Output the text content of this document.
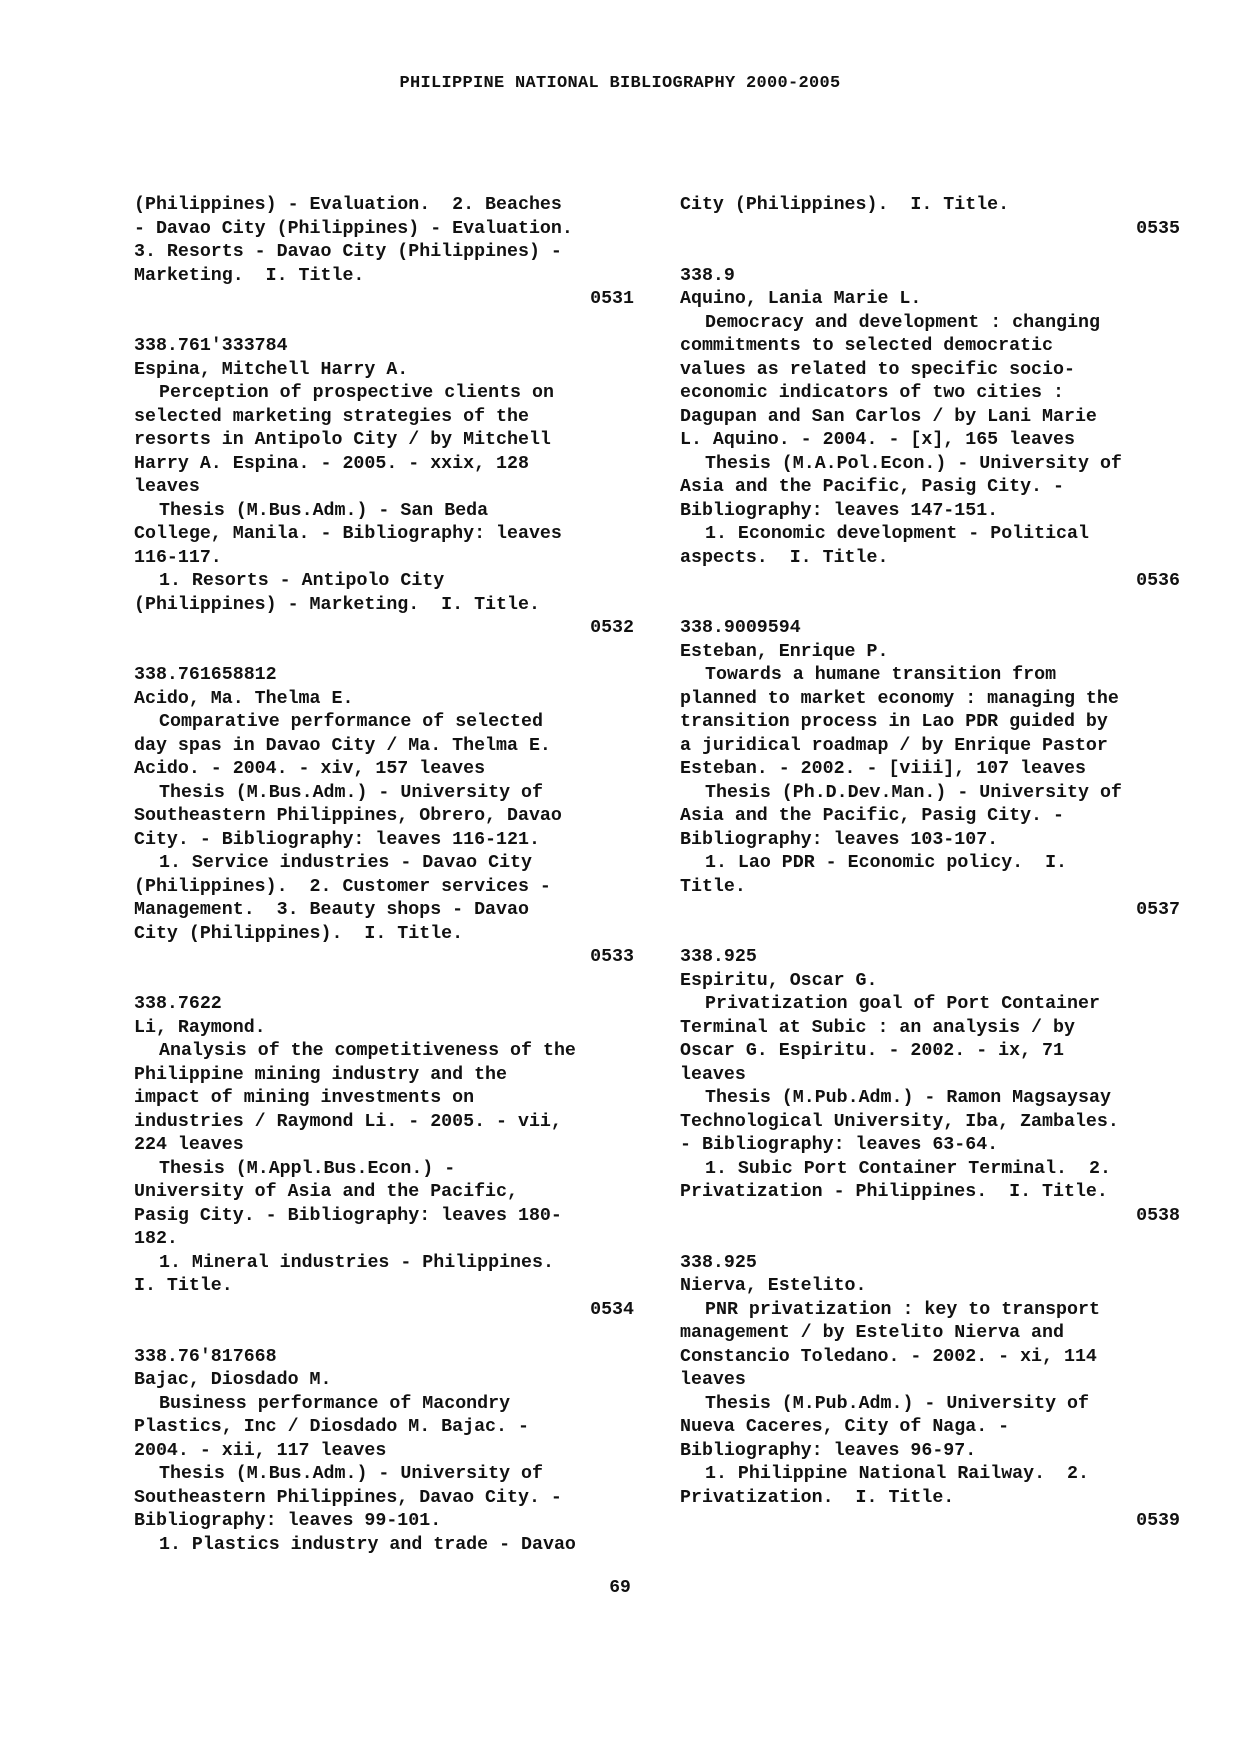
PHILIPPINE NATIONAL BIBLIOGRAPHY 2000-2005
(Philippines) - Evaluation.  2. Beaches
- Davao City (Philippines) - Evaluation.
3. Resorts - Davao City (Philippines) -
Marketing.  I. Title.
0531
338.761'333784
Espina, Mitchell Harry A.
Perception of prospective clients on
selected marketing strategies of the
resorts in Antipolo City / by Mitchell
Harry A. Espina. - 2005. - xxix, 128
leaves
Thesis (M.Bus.Adm.) - San Beda
College, Manila. - Bibliography: leaves
116-117.
1. Resorts - Antipolo City
(Philippines) - Marketing.  I. Title.
0532
338.761658812
Acido, Ma. Thelma E.
Comparative performance of selected
day spas in Davao City / Ma. Thelma E.
Acido. - 2004. - xiv, 157 leaves
Thesis (M.Bus.Adm.) - University of
Southeastern Philippines, Obrero, Davao
City. - Bibliography: leaves 116-121.
1. Service industries - Davao City
(Philippines).  2. Customer services -
Management.  3. Beauty shops - Davao
City (Philippines).  I. Title.
0533
338.7622
Li, Raymond.
Analysis of the competitiveness of the
Philippine mining industry and the
impact of mining investments on
industries / Raymond Li. - 2005. - vii,
224 leaves
Thesis (M.Appl.Bus.Econ.) -
University of Asia and the Pacific,
Pasig City. - Bibliography: leaves 180-
182.
1. Mineral industries - Philippines.
I. Title.
0534
338.76'817668
Bajac, Diosdado M.
Business performance of Macondry
Plastics, Inc / Diosdado M. Bajac. -
2004. - xii, 117 leaves
Thesis (M.Bus.Adm.) - University of
Southeastern Philippines, Davao City. -
Bibliography: leaves 99-101.
1. Plastics industry and trade - Davao
City (Philippines).  I. Title.
0535
338.9
Aquino, Lania Marie L.
Democracy and development : changing
commitments to selected democratic
values as related to specific socio-
economic indicators of two cities :
Dagupan and San Carlos / by Lani Marie
L. Aquino. - 2004. - [x], 165 leaves
Thesis (M.A.Pol.Econ.) - University of
Asia and the Pacific, Pasig City. -
Bibliography: leaves 147-151.
1. Economic development - Political
aspects.  I. Title.
0536
338.9009594
Esteban, Enrique P.
Towards a humane transition from
planned to market economy : managing the
transition process in Lao PDR guided by
a juridical roadmap / by Enrique Pastor
Esteban. - 2002. - [viii], 107 leaves
Thesis (Ph.D.Dev.Man.) - University of
Asia and the Pacific, Pasig City. -
Bibliography: leaves 103-107.
1. Lao PDR - Economic policy.  I.
Title.
0537
338.925
Espiritu, Oscar G.
Privatization goal of Port Container
Terminal at Subic : an analysis / by
Oscar G. Espiritu. - 2002. - ix, 71
leaves
Thesis (M.Pub.Adm.) - Ramon Magsaysay
Technological University, Iba, Zambales.
- Bibliography: leaves 63-64.
1. Subic Port Container Terminal.  2.
Privatization - Philippines.  I. Title.
0538
338.925
Nierva, Estelito.
PNR privatization : key to transport
management / by Estelito Nierva and
Constancio Toledano. - 2002. - xi, 114
leaves
Thesis (M.Pub.Adm.) - University of
Nueva Caceres, City of Naga. -
Bibliography: leaves 96-97.
1. Philippine National Railway.  2.
Privatization.  I. Title.
0539
69
